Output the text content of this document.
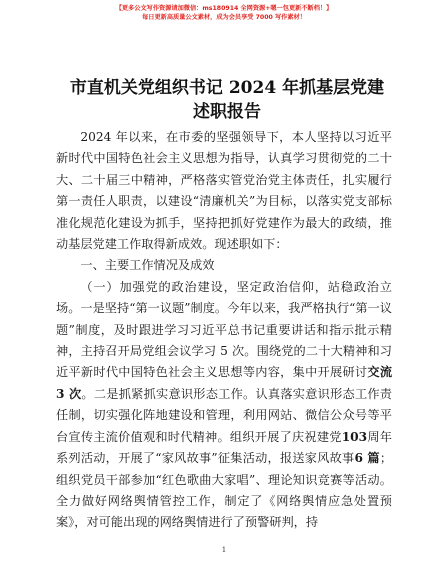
【更多公文写作资源请加微信：ms180914 全网资源+嗯一包更新不断档！】
每日更新高质量公文素材，成为会员享受 7000 写作素材！
市直机关党组织书记 2024 年抓基层党建述职报告

2024 年以来，在市委的坚强领导下，本人坚持以习近平新时代中国特色社会主义思想为指导，认真学习贯彻党的二十大、二十届三中精神，严格落实管党治党主体责任，扎实履行第一责任人职责，以建设“清廉机关”为目标，以落实党支部标准化规范化建设为抓手，坚持把抓好党建作为最大的政绩，推动基层党建工作取得新成效。现述职如下：

一、主要工作情况及成效

（一）加强党的政治建设，坚定政治信仰，站稳政治立场。一是坚持“第一议题”制度。今年以来，我严格执行“第一议题”制度，及时跟进学习习近平总书记重要讲话和指示批示精神，主持召开局党组会议学习 5 次。围绕党的二十大精神和习近平新时代中国特色社会主义思想等内容，集中开展研讨交流 3 次。二是抓紧抓实意识形态工作。认真落实意识形态工作责任制，切实强化阵地建设和管理，利用网站、微信公众号等平台宣传主流价值观和时代精神。组织开展了庆祝建党103周年系列活动，开展了“家风故事”征集活动，报送家风故事6 篇；组织党员干部参加“红色歌曲大家唱”、理论知识竞赛等活动。全力做好网络舆情管控工作，制定了《网络舆情应急处置预案》，对可能出现的网络舆情进行了预警研判，持

1
